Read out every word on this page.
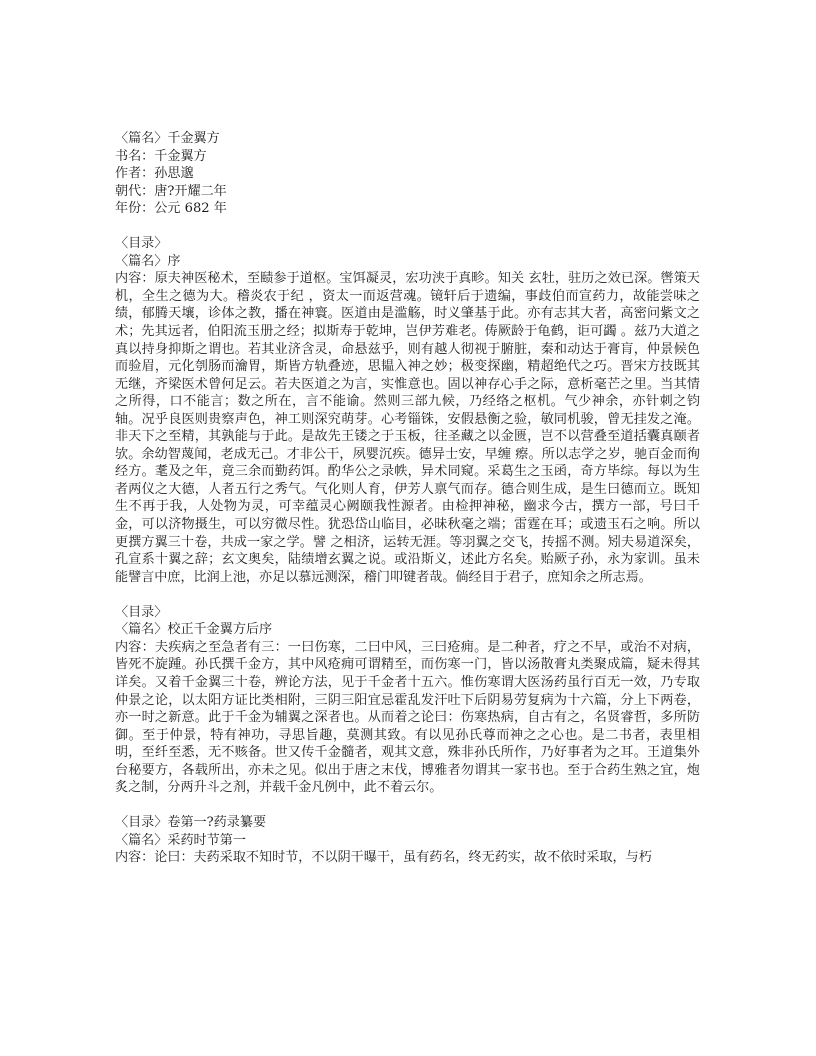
〈篇名〉千金翼方
书名：千金翼方
作者：孙思邈
朝代：唐?开耀二年
年份：公元 682 年
〈目录〉
〈篇名〉序
内容：原夫神医秘术，至赜参于道枢。宝饵凝灵，宏功浃于真畛。知关 玄牡，驻历之效已深。辔策天机，全生之德为大。稽炎农于纪 ，资太一而返营魂。镜轩后于遗编，事歧伯而宣药力，故能尝味之绩，郁腾天壤，诊体之教，播在神寰。医道由是滥觞，时义肇基于此。亦有志其大者，高密问紫文之术；先其远者，伯阳流玉册之经；拟斯寿于乾坤，岂伊芳难老。俦厥龄于龟鹤，讵可蠲 。兹乃大道之真以持身抑斯之谓也。若其业济含灵，命悬兹乎，则有越人彻视于腑脏，秦和动达于膏肓，仲景候色而验眉，元化刳肠而瀹胃，斯皆方轨叠迹，思韫入神之妙；极变探幽，精超绝代之巧。晋宋方技既其无继，齐梁医术曾何足云。若夫医道之为言，实惟意也。固以神存心手之际，意析毫芒之里。当其情之所得，口不能言；数之所在，言不能谕。然则三部九候，乃经络之枢机。气少神余，亦针刺之钧轴。况乎良医则贵察声色，神工则深究萌芽。心考锱铢，安假悬衡之验，敏同机骏，曾无挂发之淹。非天下之至精，其孰能与于此。是故先王镂之于玉板，往圣藏之以金匮，岂不以营叠至道括囊真颐者欤。余幼智蔑闻，老成无己。才非公干，夙婴沉疾。德异士安，早缠 瘵。所以志学之岁，驰百金而徇经方。耄及之年，竟三余而勤药饵。酌华公之录帙，异术同窥。采葛生之玉函，奇方毕综。每以为生者两仪之大德，人者五行之秀气。气化则人育，伊芳人禀气而存。德合则生成，是生曰德而立。既知生不再于我，人处物为灵，可幸蕴灵心阙颐我性源者。由检押神秘，幽求今古，撰方一部，号曰千金，可以济物摄生，可以穷微尽性。犹恐岱山临目，必昧秋毫之端；雷霆在耳；或遗玉石之响。所以更撰方翼三十卷，共成一家之学。譬 之相济，运转无涯。等羽翼之交飞，抟摇不测。矧夫易道深矣，孔宣系十翼之辞；玄文奥矣，陆绩增玄翼之说。或沿斯义，述此方名矣。贻厥子孙，永为家训。虽未能譬言中庶，比润上池，亦足以慕远测深，稽门叩键者哉。倘经目于君子，庶知余之所志焉。
〈目录〉
〈篇名〉校正千金翼方后序
内容：夫疾病之至急者有三：一曰伤寒，二曰中风，三曰疮痈。是二种者，疗之不早，或治不对病，皆死不旋踵。孙氏撰千金方，其中风疮痈可谓精至，而伤寒一门，皆以汤散膏丸类聚成篇，疑未得其详矣。又着千金翼三十卷，辨论方法，见于千金者十五六。惟伤寒谓大医汤药虽行百无一效，乃专取仲景之论，以太阳方证比类相附，三阴三阳宜忌霍乱发汗吐下后阴易劳复病为十六篇，分上下两卷，亦一时之新意。此于千金为辅翼之深者也。从而着之论曰：伤寒热病，自古有之，名贤睿哲，多所防御。至于仲景，特有神功，寻思旨趣，莫测其致。有以见孙氏尊而神之之心也。是二书者，表里相明，至纤至悉，无不赅备。世又传千金髓者，观其文意，殊非孙氏所作，乃好事者为之耳。王道集外台秘要方，各载所出，亦未之见。似出于唐之末伐，博雅者勿谓其一家书也。至于合药生熟之宜，炮炙之制，分两升斗之剂，并载千金凡例中，此不着云尔。
〈目录〉卷第一?药录纂要
〈篇名〉采药时节第一
内容：论曰：夫药采取不知时节，不以阴干曝干，虽有药名，终无药实，故不依时采取，与朽
